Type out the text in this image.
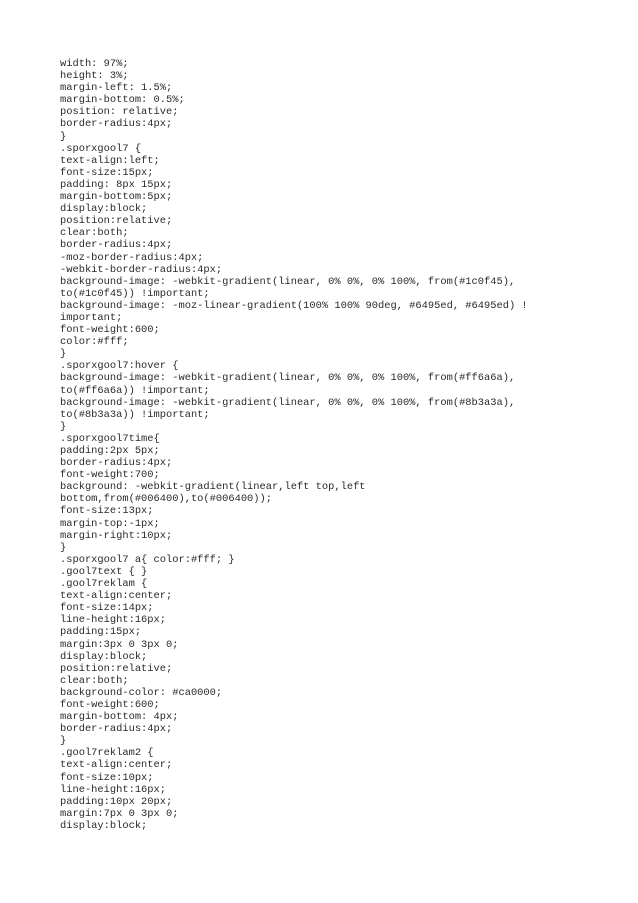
width: 97%;
height: 3%;
margin-left: 1.5%;
margin-bottom: 0.5%;
position: relative;
border-radius:4px;
}
.sporxgool7 {
text-align:left;
font-size:15px;
padding: 8px 15px;
margin-bottom:5px;
display:block;
position:relative;
clear:both;
border-radius:4px;
-moz-border-radius:4px;
-webkit-border-radius:4px;
background-image: -webkit-gradient(linear, 0% 0%, 0% 100%, from(#1c0f45),
to(#1c0f45)) !important;
background-image: -moz-linear-gradient(100% 100% 90deg, #6495ed, #6495ed) !
important;
font-weight:600;
color:#fff;
}
.sporxgool7:hover {
background-image: -webkit-gradient(linear, 0% 0%, 0% 100%, from(#ff6a6a),
to(#ff6a6a)) !important;
background-image: -webkit-gradient(linear, 0% 0%, 0% 100%, from(#8b3a3a),
to(#8b3a3a)) !important;
}
.sporxgool7time{
padding:2px 5px;
border-radius:4px;
font-weight:700;
background: -webkit-gradient(linear,left top,left
bottom,from(#006400),to(#006400));
font-size:13px;
margin-top:-1px;
margin-right:10px;
}
.sporxgool7 a{ color:#fff; }
.gool7text { }
.gool7reklam {
text-align:center;
font-size:14px;
line-height:16px;
padding:15px;
margin:3px 0 3px 0;
display:block;
position:relative;
clear:both;
background-color: #ca0000;
font-weight:600;
margin-bottom: 4px;
border-radius:4px;
}
.gool7reklam2 {
text-align:center;
font-size:10px;
line-height:16px;
padding:10px 20px;
margin:7px 0 3px 0;
display:block;
